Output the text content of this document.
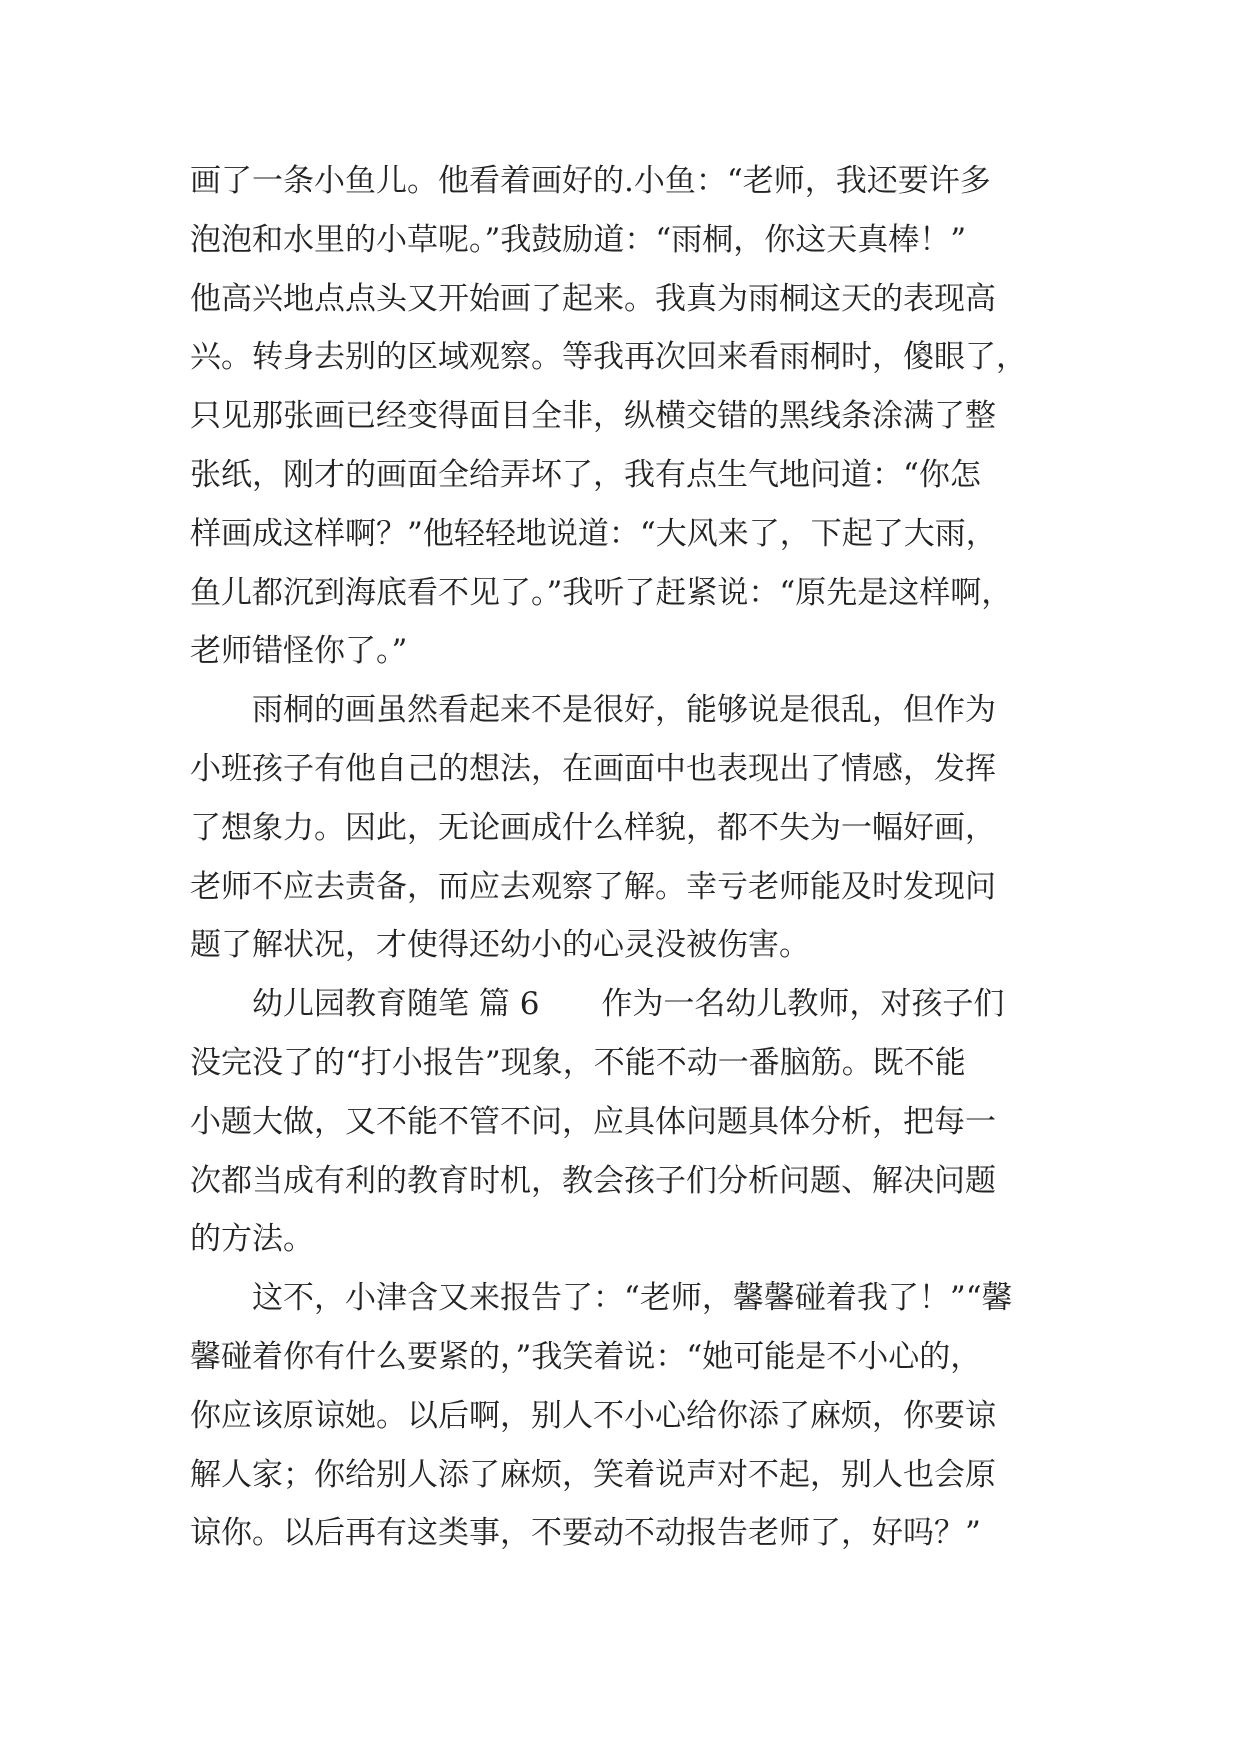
画了一条小鱼儿。他看着画好的.小鱼：“老师，我还要许多
泡泡和水里的小草呢。”我鼓励道：“雨桐，你这天真棒！”
他高兴地点点头又开始画了起来。我真为雨桐这天的表现高
兴。转身去别的区域观察。等我再次回来看雨桐时，傻眼了，
只见那张画已经变得面目全非，纵横交错的黑线条涂满了整
张纸，刚才的画面全给弄坏了，我有点生气地问道：“你怎
样画成这样啊？”他轻轻地说道：“大风来了，下起了大雨，
鱼儿都沉到海底看不见了。”我听了赶紧说：“原先是这样啊，
老师错怪你了。”
　　雨桐的画虽然看起来不是很好，能够说是很乱，但作为
小班孩子有他自己的想法，在画面中也表现出了情感，发挥
了想象力。因此，无论画成什么样貌，都不失为一幅好画，
老师不应去责备，而应去观察了解。幸亏老师能及时发现问
题了解状况，才使得还幼小的心灵没被伤害。
　　幼儿园教育随笔 篇 6　　作为一名幼儿教师，对孩子们
没完没了的“打小报告”现象，不能不动一番脑筋。既不能
小题大做，又不能不管不问，应具体问题具体分析，把每一
次都当成有利的教育时机，教会孩子们分析问题、解决问题
的方法。
　　这不，小津含又来报告了：“老师，馨馨碰着我了！”“馨
馨碰着你有什么要紧的，”我笑着说：“她可能是不小心的，
你应该原谅她。以后啊，别人不小心给你添了麻烦，你要谅
解人家；你给别人添了麻烦，笑着说声对不起，别人也会原
谅你。以后再有这类事，不要动不动报告老师了，好吗？”
